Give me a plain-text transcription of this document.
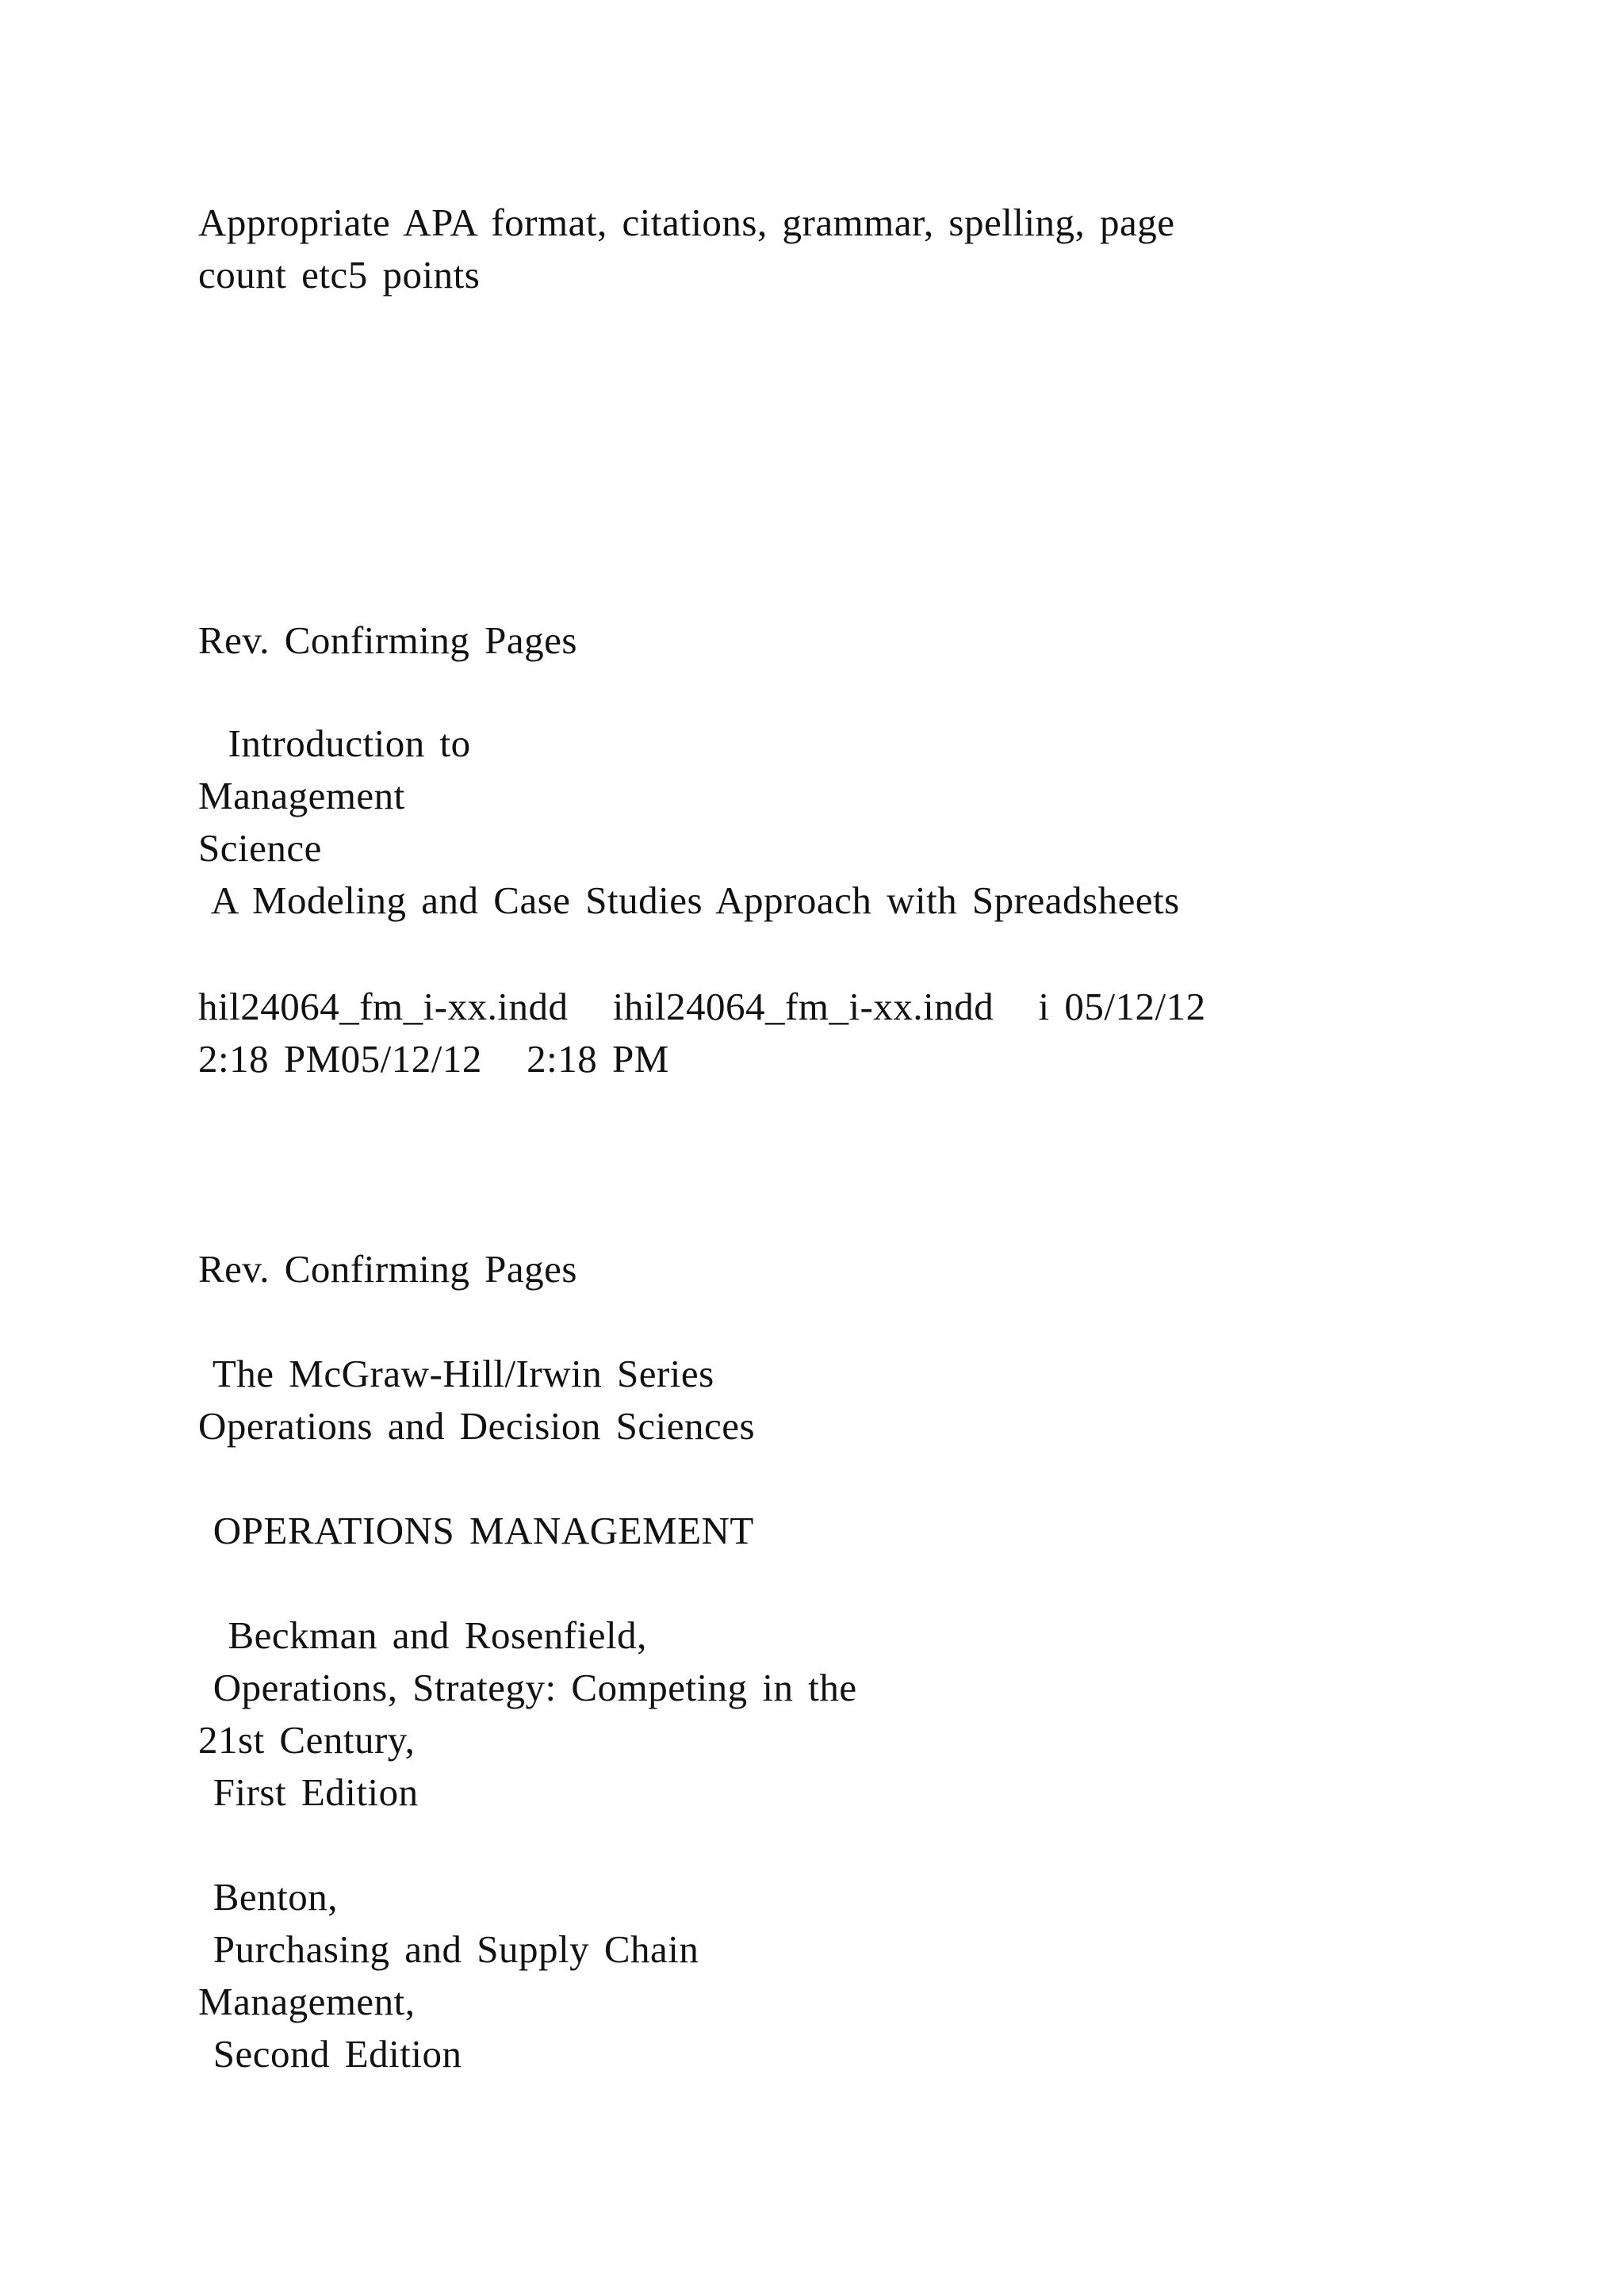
Appropriate APA format, citations, grammar, spelling, page

count etc5 points

Rev. Confirming Pages

Introduction to

Management

Science

A Modeling and Case Studies Approach with Spreadsheets

hil24064_fm_i-xx.indd   ihil24064_fm_i-xx.indd   i 05/12/12

2:18 PM05/12/12   2:18 PM

Rev. Confirming Pages

The McGraw-Hill/Irwin Series

Operations and Decision Sciences

OPERATIONS MANAGEMENT

Beckman and Rosenfield,

Operations, Strategy: Competing in the

21st Century,

First Edition

Benton,

Purchasing and Supply Chain

Management,

Second Edition
